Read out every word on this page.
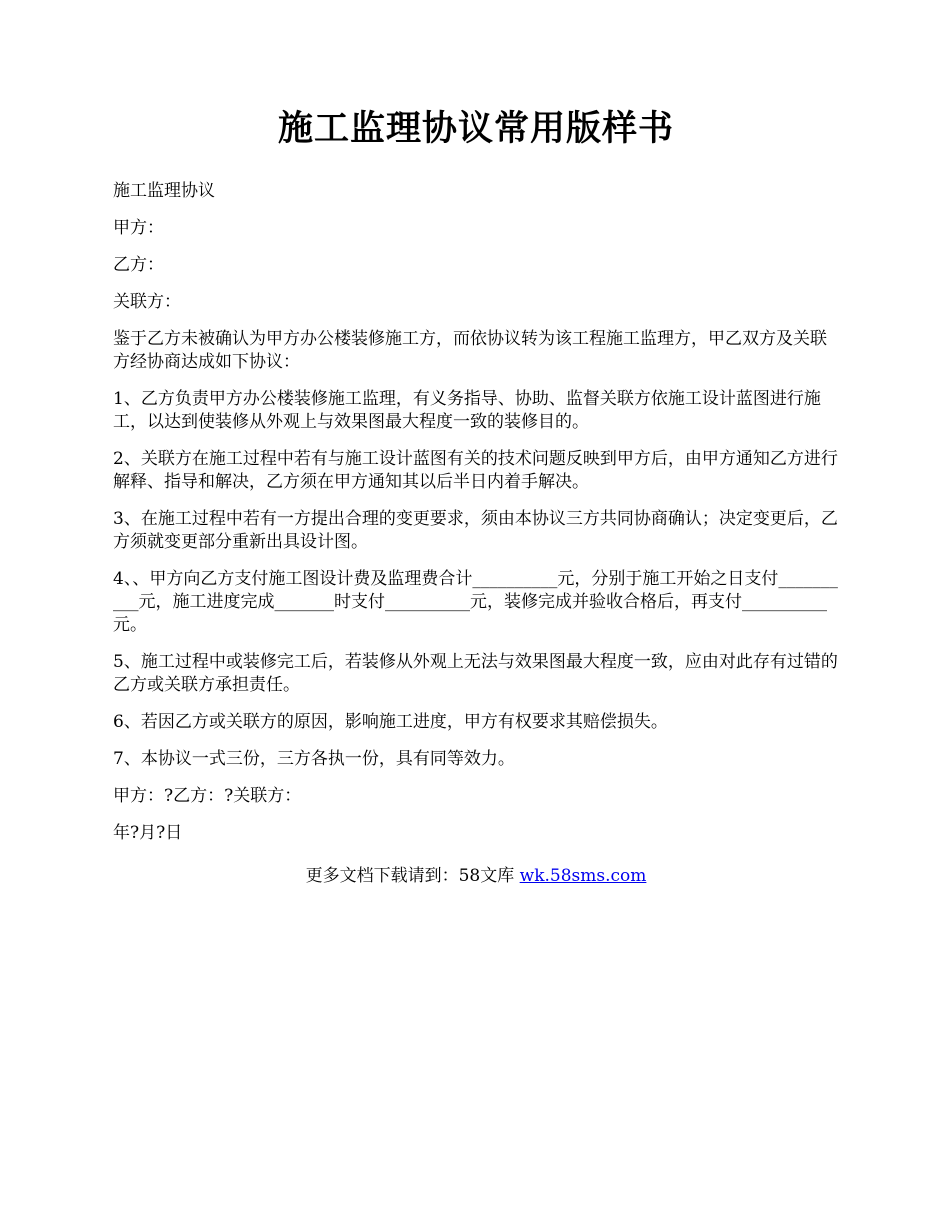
施工监理协议常用版样书

施工监理协议

甲方：

乙方：

关联方：

鉴于乙方未被确认为甲方办公楼装修施工方，而依协议转为该工程施工监理方，甲乙双方及关联方经协商达成如下协议：

1、乙方负责甲方办公楼装修施工监理，有义务指导、协助、监督关联方依施工设计蓝图进行施工，以达到使装修从外观上与效果图最大程度一致的装修目的。

2、关联方在施工过程中若有与施工设计蓝图有关的技术问题反映到甲方后，由甲方通知乙方进行解释、指导和解决，乙方须在甲方通知其以后半日内着手解决。

3、在施工过程中若有一方提出合理的变更要求，须由本协议三方共同协商确认；决定变更后，乙方须就变更部分重新出具设计图。

4、、甲方向乙方支付施工图设计费及监理费合计__________元，分别于施工开始之日支付__________元，施工进度完成_______时支付__________元，装修完成并验收合格后，再支付__________元。

5、施工过程中或装修完工后，若装修从外观上无法与效果图最大程度一致，应由对此存有过错的乙方或关联方承担责任。

6、若因乙方或关联方的原因，影响施工进度，甲方有权要求其赔偿损失。

7、本协议一式三份，三方各执一份，具有同等效力。

甲方：?乙方：?关联方：

年?月?日

更多文档下载请到：58文库 wk.58sms.com
